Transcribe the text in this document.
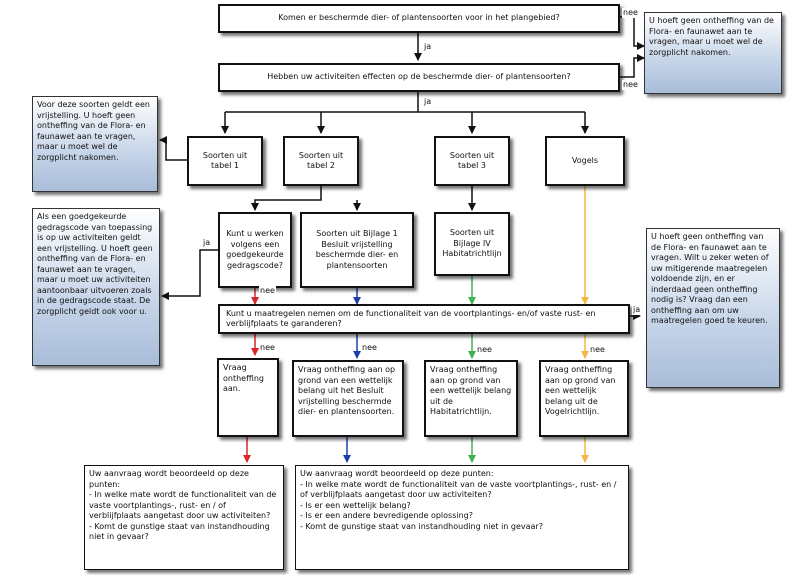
Komen er beschermde dier- of plantensoorten voor in het plangebied?
Hebben uw activiteiten effecten op de beschermde dier- of plantensoorten?
Kunt u maatregelen nemen om de functionaliteit van de voortplantings- en/of vaste rust- en verblijfplaats te garanderen?
Soorten uit tabel 1
Soorten uit tabel 2
Soorten uit tabel 3
Vogels
Kunt u werken volgens een goedgekeurde gedragscode?
Soorten uit Bijlage 1 Besluit vrijstelling beschermde dier- en plantensoorten
Soorten uit Bijlage IV Habitatrichtlijn
U hoeft geen ontheffing van de Flora- en faunawet aan te vragen, maar u moet wel de zorgplicht nakomen.
Voor deze soorten geldt een vrijstelling. U hoeft geen ontheffing van de Flora- en faunawet aan te vragen, maar u moet wel de zorgplicht nakomen.
Als een goedgekeurde gedragscode van toepassing is op uw activiteiten geldt een vrijstelling. U hoeft geen ontheffing van de Flora- en faunawet aan te vragen, maar u moet uw activiteiten aantoonbaar uitvoeren zoals in de gedragscode staat. De zorgplicht geldt ook voor u.
U hoeft geen ontheffing van de Flora- en faunawet aan te vragen. Wilt u zeker weten of uw mitigerende maatregelen voldoende zijn, en er inderdaad geen ontheffing nodig is? Vraag dan een ontheffing aan om uw maatregelen goed te keuren.
Vraag ontheffing aan.
Vraag ontheffing aan op grond van een wettelijk belang uit het Besluit vrijstelling beschermde dier- en plantensoorten.
Vraag ontheffing aan op grond van een wettelijk belang uit de Habitatrichtlijn.
Vraag ontheffing aan op grond van een wettelijk belang uit de Vogelrichtlijn.
Uw aanvraag wordt beoordeeld op deze punten:
- In welke mate wordt de functionaliteit van de vaste voortplantings-, rust- en / of verblijfplaats aangetast door uw activiteiten?
- Komt de gunstige staat van instandhouding niet in gevaar?
Uw aanvraag wordt beoordeeld op deze punten:
- In welke mate wordt de functionaliteit van de vaste voortplantings-, rust- en / of verblijfplaats aangetast door uw activiteiten?
- Is er een wettelijk belang?
- Is er een andere bevredigende oplossing?
- Komt de gunstige staat van instandhouding niet in gevaar?
ja
nee
nee
ja
ja
nee
ja
nee	nee	nee	nee
